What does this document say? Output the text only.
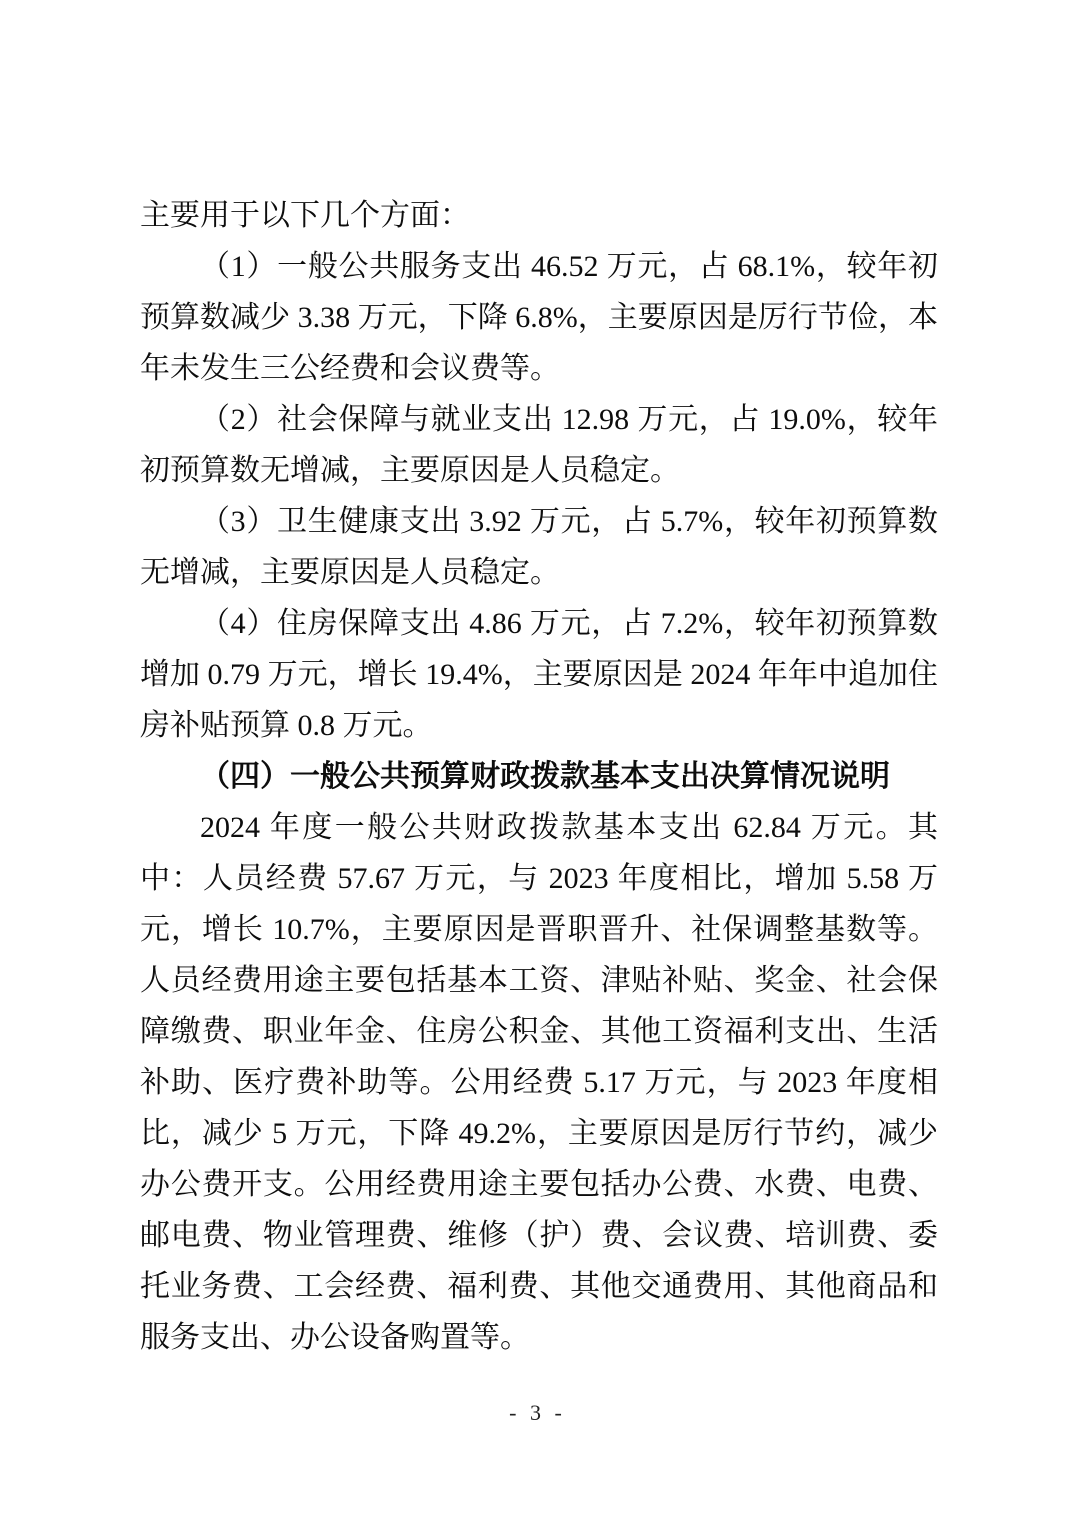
主要用于以下几个方面：

（1）一般公共服务支出 46.52 万元，占 68.1%，较年初预算数减少 3.38 万元，下降 6.8%，主要原因是厉行节俭，本年未发生三公经费和会议费等。

（2）社会保障与就业支出 12.98 万元，占 19.0%，较年初预算数无增减，主要原因是人员稳定。

（3）卫生健康支出 3.92 万元，占 5.7%，较年初预算数无增减，主要原因是人员稳定。

（4）住房保障支出 4.86 万元，占 7.2%，较年初预算数增加 0.79 万元，增长 19.4%，主要原因是 2024 年年中追加住房补贴预算 0.8 万元。

（四）一般公共预算财政拨款基本支出决算情况说明

2024 年度一般公共财政拨款基本支出 62.84 万元。其中：人员经费 57.67 万元，与 2023 年度相比，增加 5.58 万元，增长 10.7%，主要原因是晋职晋升、社保调整基数等。人员经费用途主要包括基本工资、津贴补贴、奖金、社会保障缴费、职业年金、住房公积金、其他工资福利支出、生活补助、医疗费补助等。公用经费 5.17 万元，与 2023 年度相比，减少 5 万元，下降 49.2%，主要原因是厉行节约，减少办公费开支。公用经费用途主要包括办公费、水费、电费、邮电费、物业管理费、维修（护）费、会议费、培训费、委托业务费、工会经费、福利费、其他交通费用、其他商品和服务支出、办公设备购置等。

- 3 -
